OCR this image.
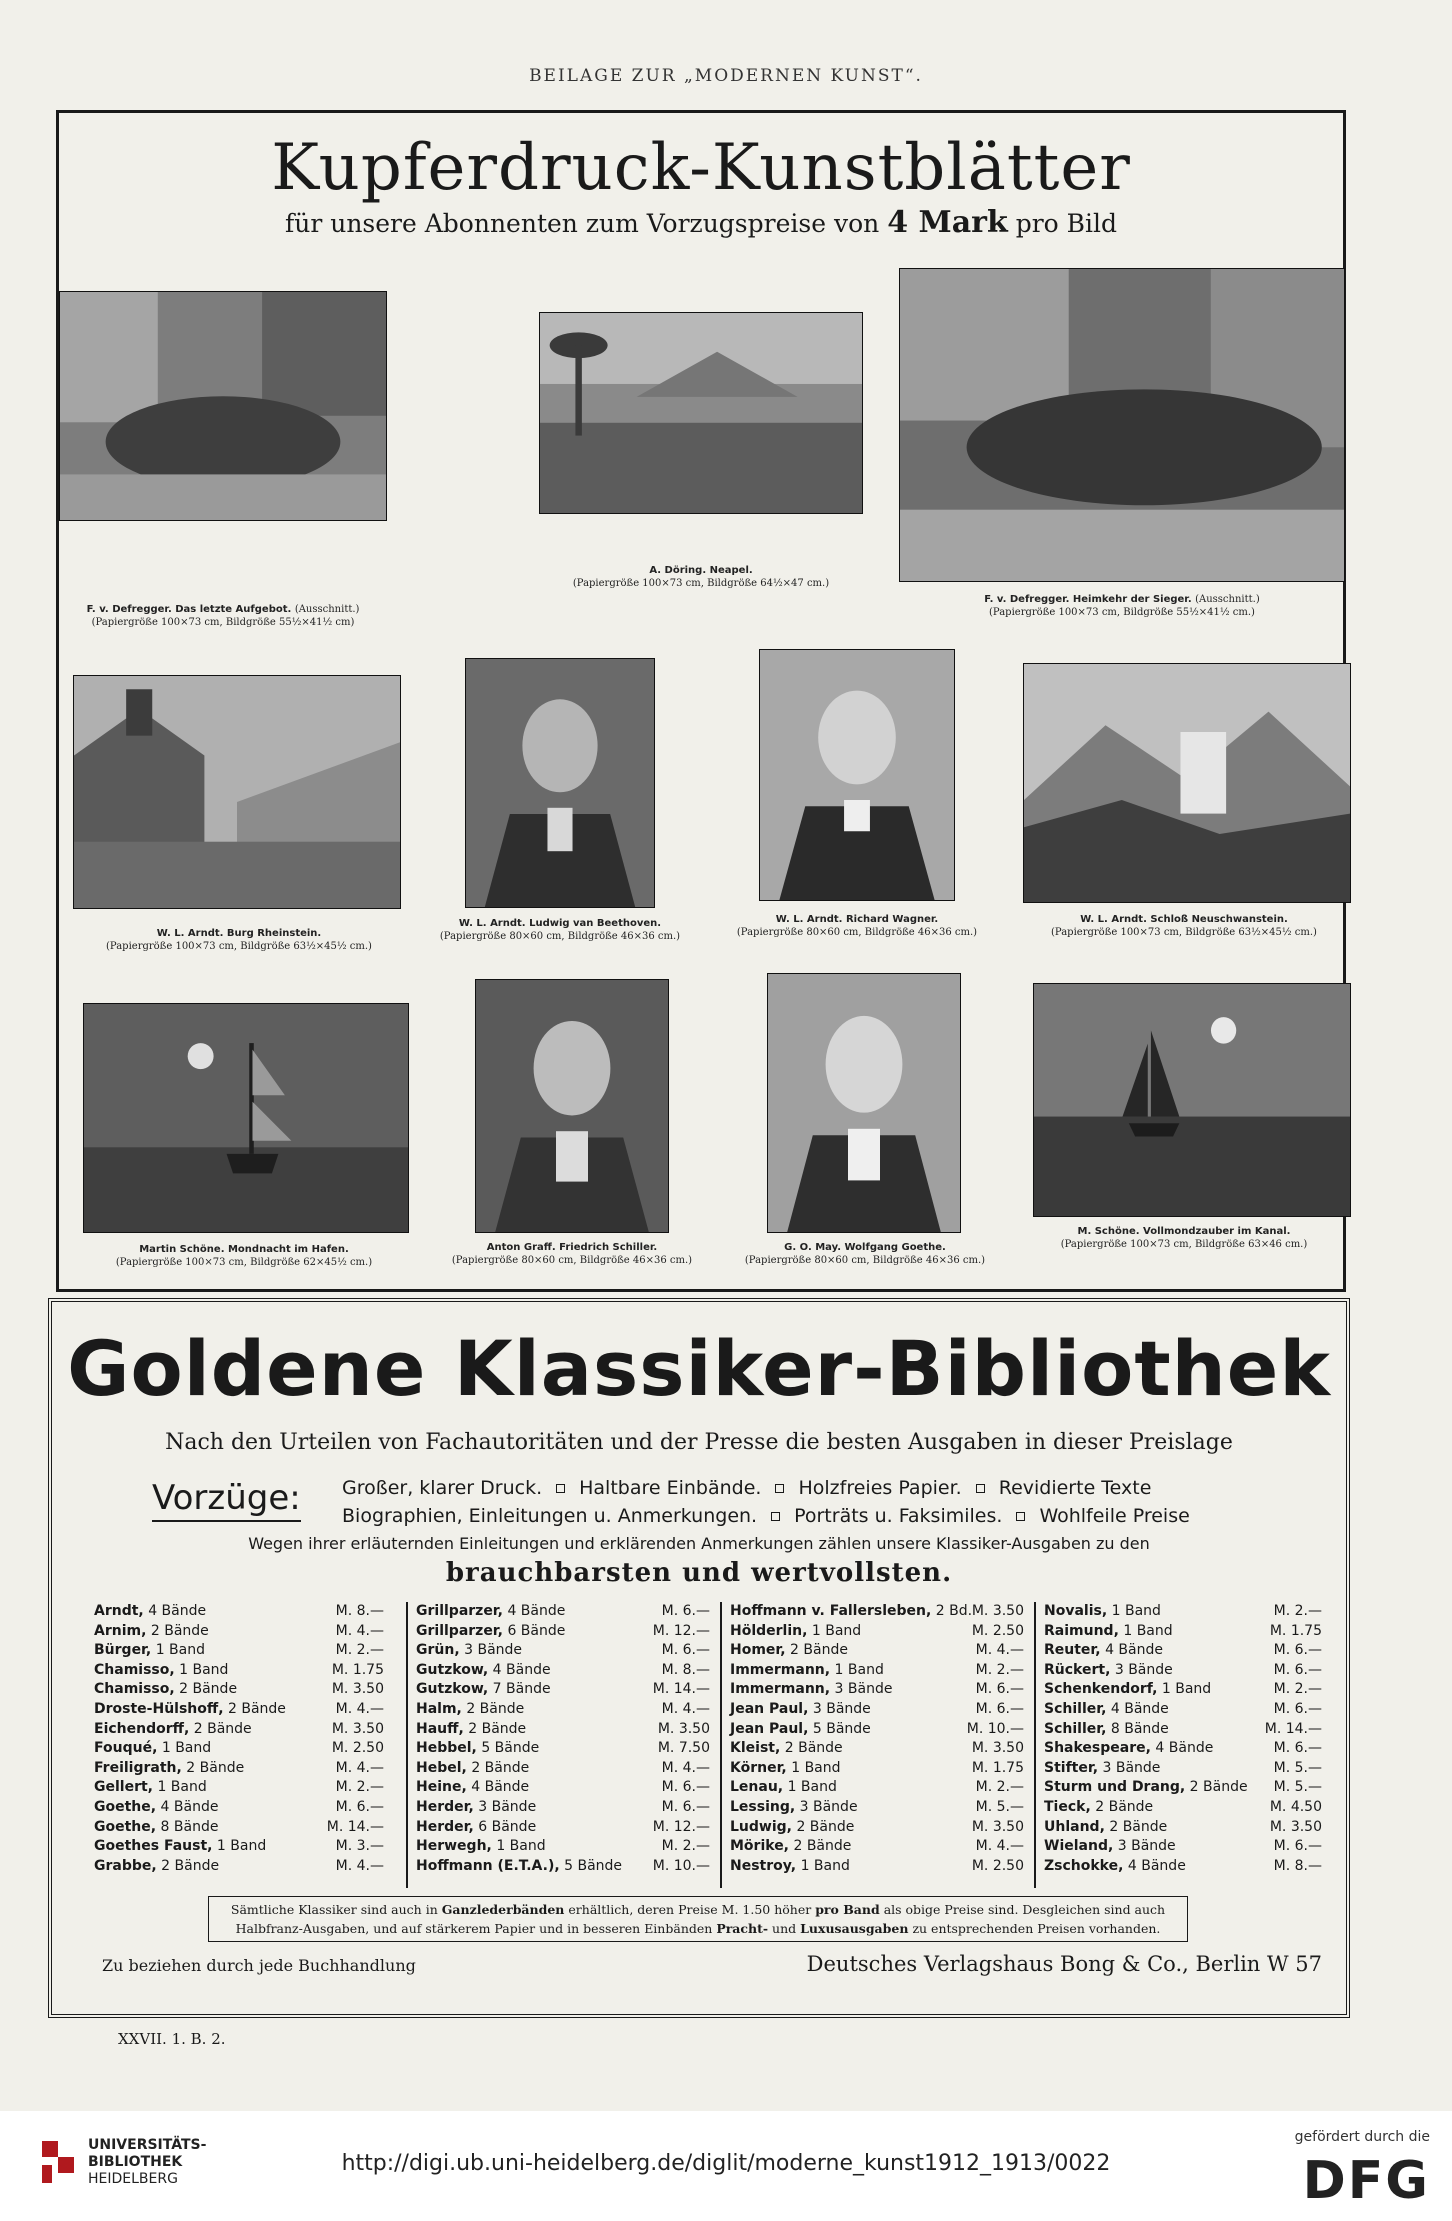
BEILAGE ZUR „MODERNEN KUNST“.
Kupferdruck-Kunstblätter
für unsere Abonnenten zum Vorzugspreise von 4 Mark pro Bild
F. v. Defregger. Das letzte Aufgebot. (Ausschnitt.)
(Papiergröße 100×73 cm, Bildgröße 55½×41½ cm)
A. Döring. Neapel.
(Papiergröße 100×73 cm, Bildgröße 64½×47 cm.)
F. v. Defregger. Heimkehr der Sieger. (Ausschnitt.)
(Papiergröße 100×73 cm, Bildgröße 55½×41½ cm.)
W. L. Arndt. Burg Rheinstein.
(Papiergröße 100×73 cm, Bildgröße 63½×45½ cm.)
W. L. Arndt. Ludwig van Beethoven.
(Papiergröße 80×60 cm, Bildgröße 46×36 cm.)
W. L. Arndt. Richard Wagner.
(Papiergröße 80×60 cm, Bildgröße 46×36 cm.)
W. L. Arndt. Schloß Neuschwanstein.
(Papiergröße 100×73 cm, Bildgröße 63½×45½ cm.)
Martin Schöne. Mondnacht im Hafen.
(Papiergröße 100×73 cm, Bildgröße 62×45½ cm.)
Anton Graff. Friedrich Schiller.
(Papiergröße 80×60 cm, Bildgröße 46×36 cm.)
G. O. May. Wolfgang Goethe.
(Papiergröße 80×60 cm, Bildgröße 46×36 cm.)
M. Schöne. Vollmondzauber im Kanal.
(Papiergröße 100×73 cm, Bildgröße 63×46 cm.)
Goldene Klassiker-Bibliothek
Nach den Urteilen von Fachautoritäten und der Presse die besten Ausgaben in dieser Preislage
Vorzüge: Großer, klarer Druck. Haltbare Einbände. Holzfreies Papier. Revidierte Texte
Biographien, Einleitungen u. Anmerkungen. Porträts u. Faksimiles. Wohlfeile Preise
Wegen ihrer erläuternden Einleitungen und erklärenden Anmerkungen zählen unsere Klassiker-Ausgaben zu den
brauchbarsten und wertvollsten.
Arndt, 4 Bände	M. 8.—
Arnim, 2 Bände	M. 4.—
Bürger, 1 Band	M. 2.—
Chamisso, 1 Band	M. 1.75
Chamisso, 2 Bände	M. 3.50
Droste-Hülshoff, 2 Bände	M. 4.—
Eichendorff, 2 Bände	M. 3.50
Fouqué, 1 Band	M. 2.50
Freiligrath, 2 Bände	M. 4.—
Gellert, 1 Band	M. 2.—
Goethe, 4 Bände	M. 6.—
Goethe, 8 Bände	M. 14.—
Goethes Faust, 1 Band	M. 3.—
Grabbe, 2 Bände	M. 4.—
Grillparzer, 4 Bände	M. 6.—
Grillparzer, 6 Bände	M. 12.—
Grün, 3 Bände	M. 6.—
Gutzkow, 4 Bände	M. 8.—
Gutzkow, 7 Bände	M. 14.—
Halm, 2 Bände	M. 4.—
Hauff, 2 Bände	M. 3.50
Hebbel, 5 Bände	M. 7.50
Hebel, 2 Bände	M. 4.—
Heine, 4 Bände	M. 6.—
Herder, 3 Bände	M. 6.—
Herder, 6 Bände	M. 12.—
Herwegh, 1 Band	M. 2.—
Hoffmann (E.T.A.), 5 Bände M. 10.—
Hoffmann v. Fallersleben, 2 Bd. M. 3.50
Hölderlin, 1 Band	M. 2.50
Homer, 2 Bände	M. 4.—
Immermann, 1 Band	M. 2.—
Immermann, 3 Bände	M. 6.—
Jean Paul, 3 Bände	M. 6.—
Jean Paul, 5 Bände	M. 10.—
Kleist, 2 Bände	M. 3.50
Körner, 1 Band	M. 1.75
Lenau, 1 Band	M. 2.—
Lessing, 3 Bände	M. 5.—
Ludwig, 2 Bände	M. 3.50
Mörike, 2 Bände	M. 4.—
Nestroy, 1 Band	M. 2.50
Novalis, 1 Band	M. 2.—
Raimund, 1 Band	M. 1.75
Reuter, 4 Bände	M. 6.—
Rückert, 3 Bände	M. 6.—
Schenkendorf, 1 Band	M. 2.—
Schiller, 4 Bände	M. 6.—
Schiller, 8 Bände	M. 14.—
Shakespeare, 4 Bände	M. 6.—
Stifter, 3 Bände	M. 5.—
Sturm und Drang, 2 Bände M. 5.—
Tieck, 2 Bände	M. 4.50
Uhland, 2 Bände	M. 3.50
Wieland, 3 Bände	M. 6.—
Zschokke, 4 Bände	M. 8.—
Sämtliche Klassiker sind auch in Ganzlederbänden erhältlich, deren Preise M. 1.50 höher pro Band als obige Preise sind. Desgleichen sind auch Halbfranz-Ausgaben, und auf stärkerem Papier und in besseren Einbänden Pracht- und Luxusausgaben zu entsprechenden Preisen vorhanden.
Zu beziehen durch jede Buchhandlung	Deutsches Verlagshaus Bong & Co., Berlin W 57
XXVII. 1. B. 2.
UNIVERSITÄTS-
BIBLIOTHEK
HEIDELBERG
http://digi.ub.uni-heidelberg.de/diglit/moderne_kunst1912_1913/0022
gefördert durch die
DFG
